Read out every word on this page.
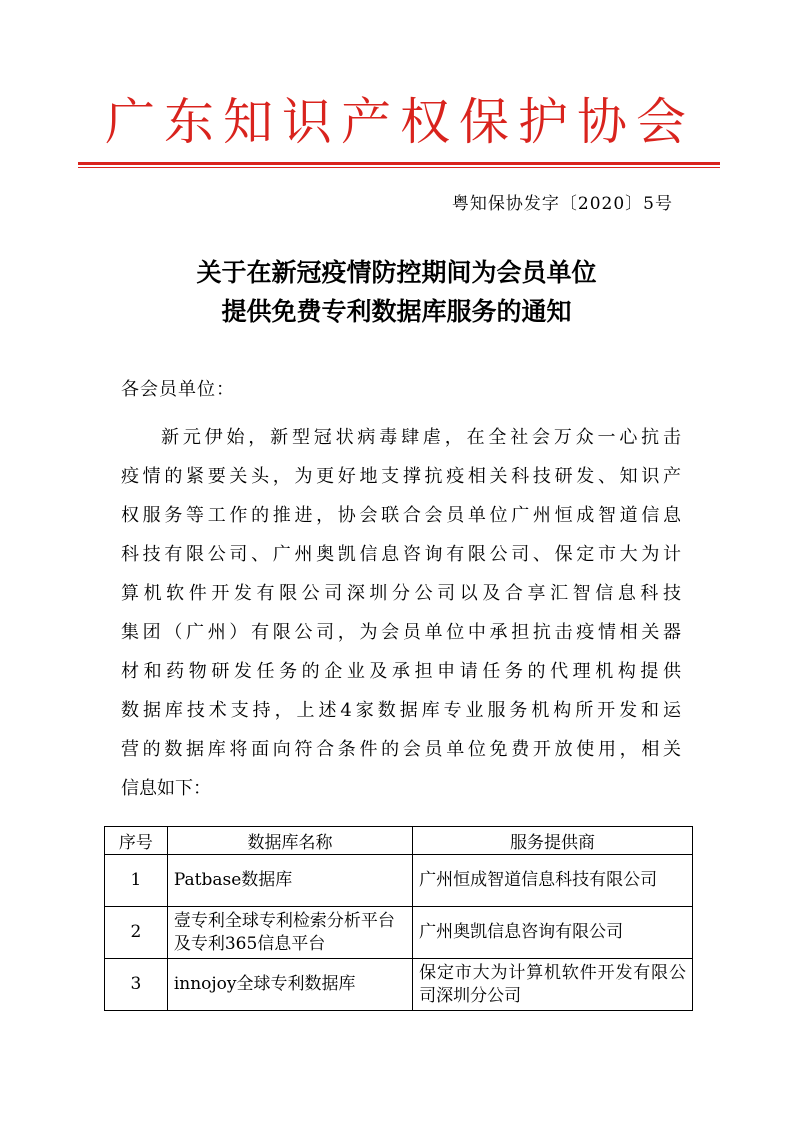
广东知识产权保护协会
粤知保协发字〔2020〕5号
关于在新冠疫情防控期间为会员单位
提供免费专利数据库服务的通知
各会员单位：
新元伊始，新型冠状病毒肆虐，在全社会万众一心抗击
疫情的紧要关头，为更好地支撑抗疫相关科技研发、知识产
权服务等工作的推进，协会联合会员单位广州恒成智道信息
科技有限公司、广州奥凯信息咨询有限公司、保定市大为计
算机软件开发有限公司深圳分公司以及合享汇智信息科技
集团（广州）有限公司，为会员单位中承担抗击疫情相关器
材和药物研发任务的企业及承担申请任务的代理机构提供
数据库技术支持，上述4家数据库专业服务机构所开发和运
营的数据库将面向符合条件的会员单位免费开放使用，相关
信息如下：
序号	数据库名称	服务提供商
1	Patbase数据库	广州恒成智道信息科技有限公司
2	壹专利全球专利检索分析平台及专利365信息平台	广州奥凯信息咨询有限公司
3	innojoy全球专利数据库	保定市大为计算机软件开发有限公司深圳分公司
